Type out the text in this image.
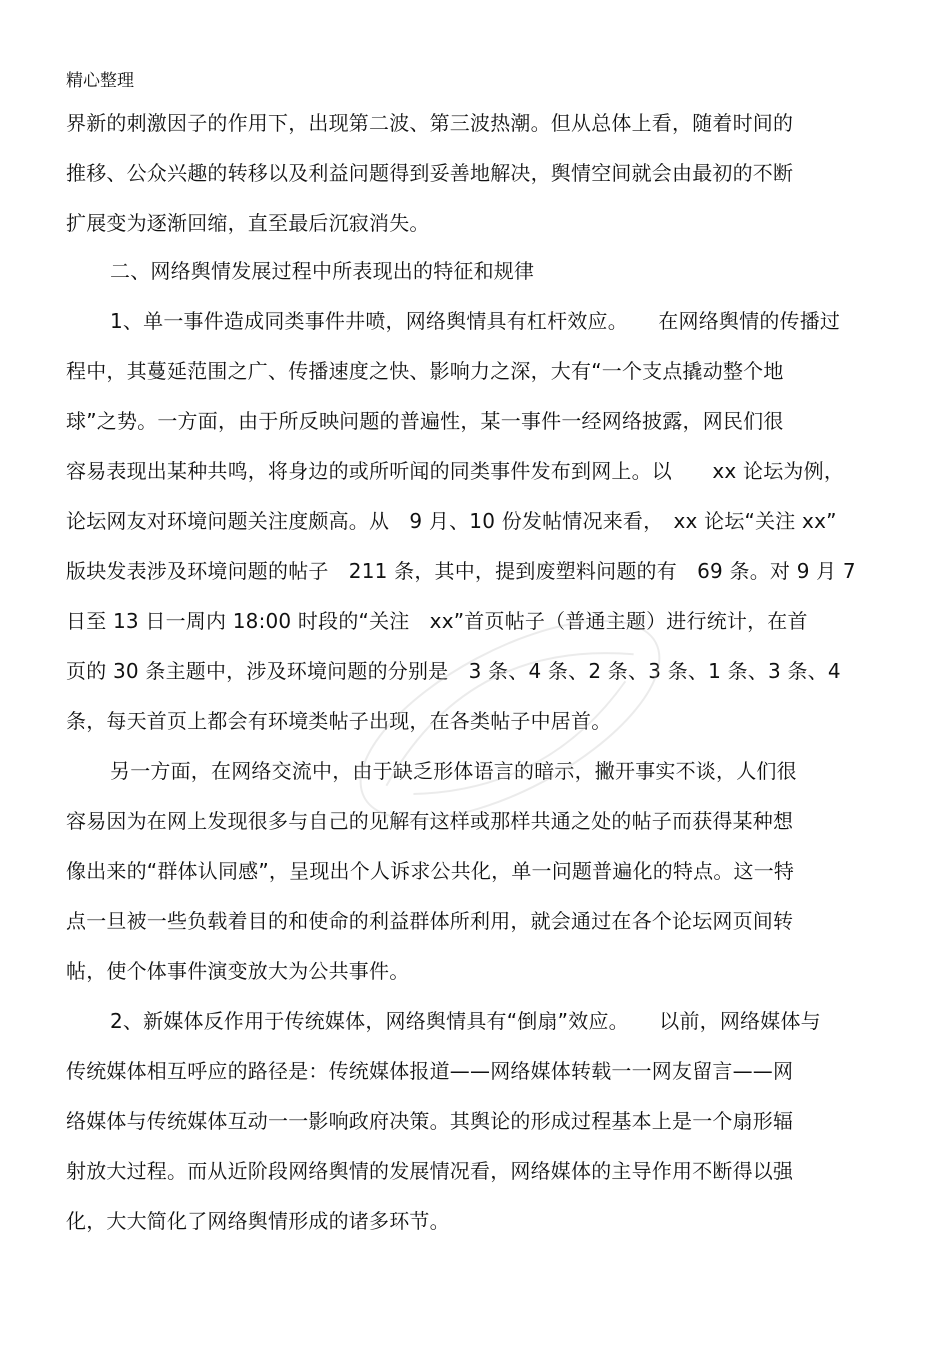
精心整理
界新的刺激因子的作用下，出现第二波、第三波热潮。但从总体上看，随着时间的
推移、公众兴趣的转移以及利益问题得到妥善地解决，舆情空间就会由最初的不断
扩展变为逐渐回缩，直至最后沉寂消失。
二、网络舆情发展过程中所表现出的特征和规律
1、单一事件造成同类事件井喷，网络舆情具有杠杆效应。　　在网络舆情的传播过
程中，其蔓延范围之广、传播速度之快、影响力之深，大有“一个支点撬动整个地
球”之势。一方面，由于所反映问题的普遍性，某一事件一经网络披露，网民们很
容易表现出某种共鸣，将身边的或所听闻的同类事件发布到网上。以　　xx 论坛为例，
论坛网友对环境问题关注度颇高。从　9 月、10 份发帖情况来看，　xx 论坛“关注 xx”
版块发表涉及环境问题的帖子　211 条，其中，提到废塑料问题的有　69 条。对 9 月 7
日至 13 日一周内 18:00 时段的“关注　xx”首页帖子（普通主题）进行统计，在首
页的 30 条主题中，涉及环境问题的分别是　3 条、4 条、2 条、3 条、1 条、3 条、4
条，每天首页上都会有环境类帖子出现，在各类帖子中居首。
另一方面，在网络交流中，由于缺乏形体语言的暗示，撇开事实不谈，人们很
容易因为在网上发现很多与自己的见解有这样或那样共通之处的帖子而获得某种想
像出来的“群体认同感”，呈现出个人诉求公共化，单一问题普遍化的特点。这一特
点一旦被一些负载着目的和使命的利益群体所利用，就会通过在各个论坛网页间转
帖，使个体事件演变放大为公共事件。
2、新媒体反作用于传统媒体，网络舆情具有“倒扇”效应。　　以前，网络媒体与
传统媒体相互呼应的路径是：传统媒体报道——网络媒体转载一一网友留言——网
络媒体与传统媒体互动一一影响政府决策。其舆论的形成过程基本上是一个扇形辐
射放大过程。而从近阶段网络舆情的发展情况看，网络媒体的主导作用不断得以强
化，大大简化了网络舆情形成的诸多环节。
